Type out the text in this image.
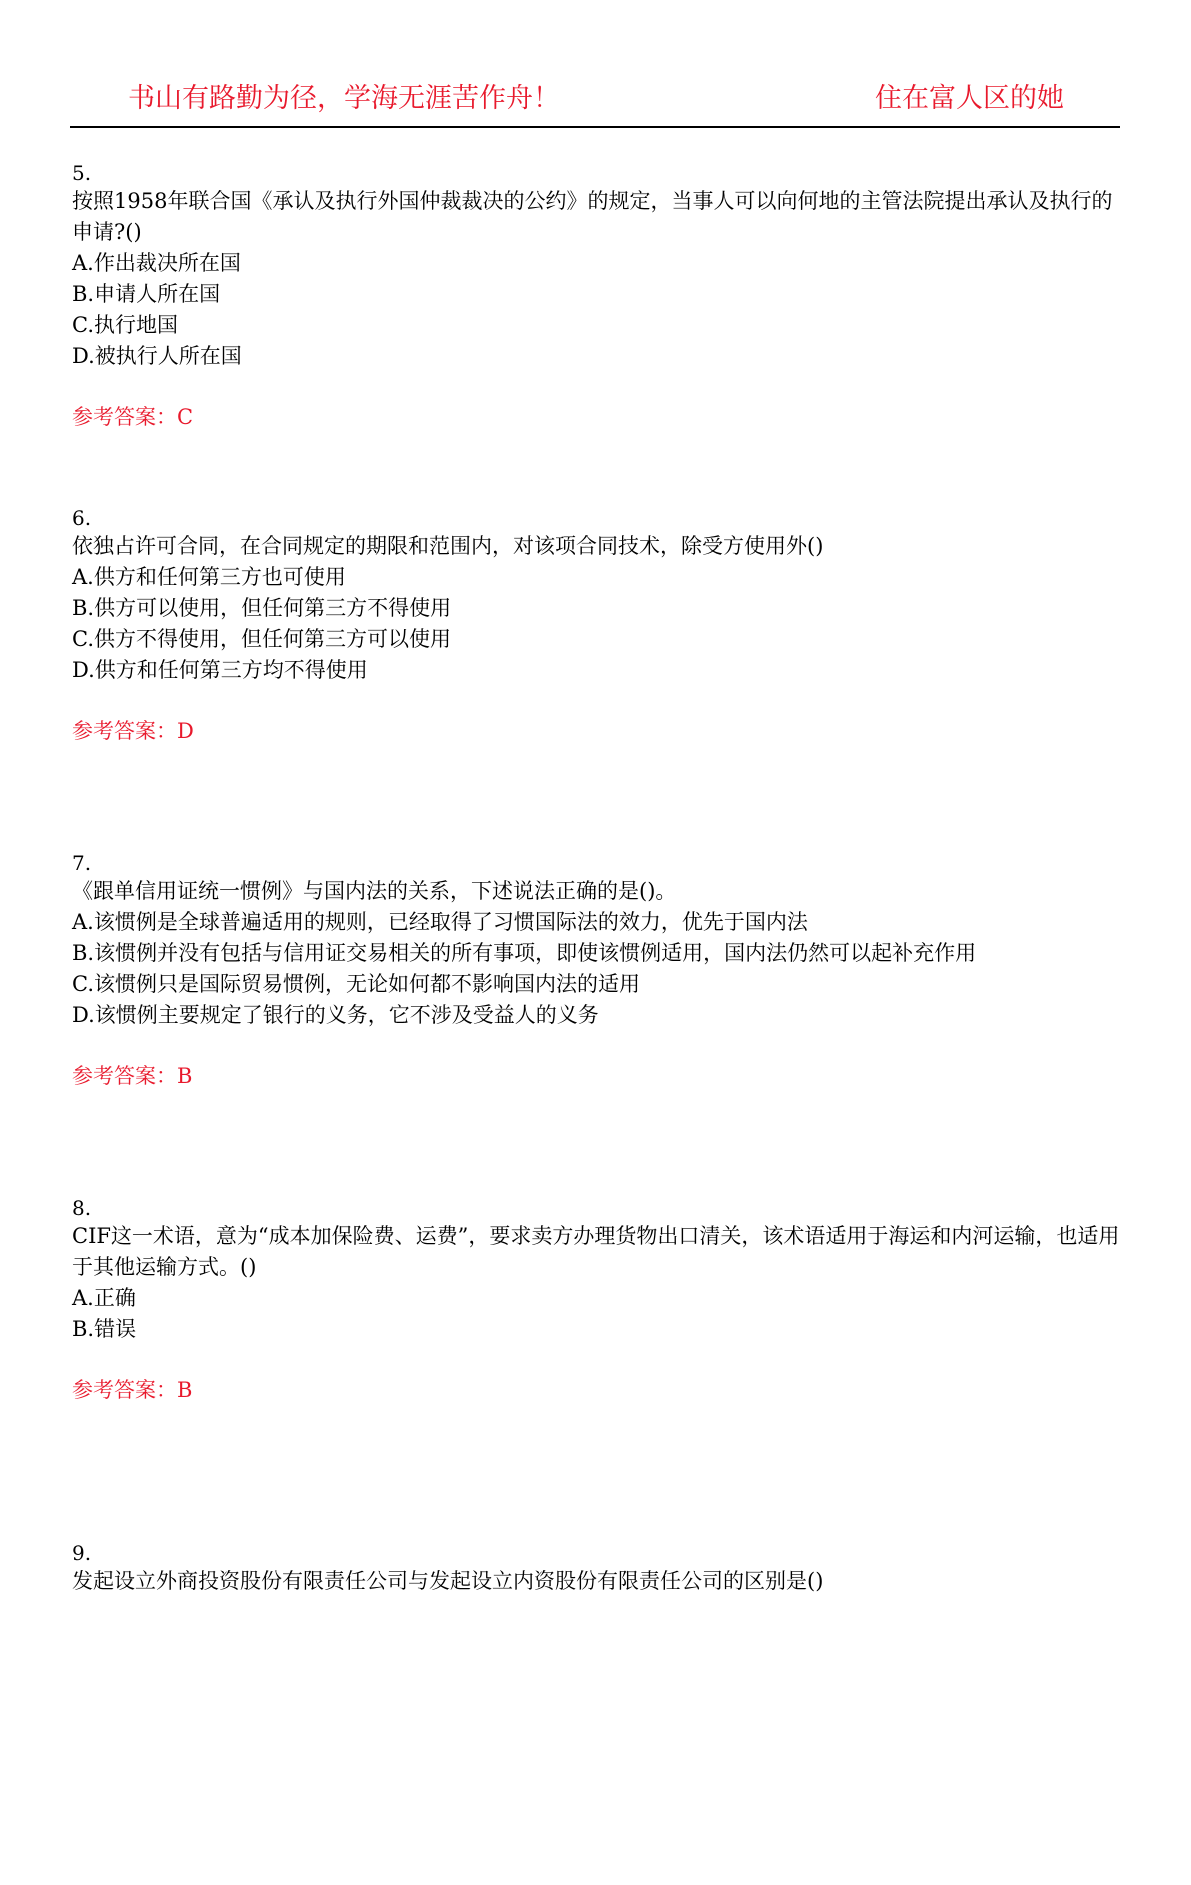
书山有路勤为径，学海无涯苦作舟！	住在富人区的她
5.
按照1958年联合国《承认及执行外国仲裁裁决的公约》的规定，当事人可以向何地的主管法院提出承认及执行的申请?()
A.作出裁决所在国
B.申请人所在国
C.执行地国
D.被执行人所在国
参考答案：C
6.
依独占许可合同，在合同规定的期限和范围内，对该项合同技术，除受方使用外()
A.供方和任何第三方也可使用
B.供方可以使用，但任何第三方不得使用
C.供方不得使用，但任何第三方可以使用
D.供方和任何第三方均不得使用
参考答案：D
7.
《跟单信用证统一惯例》与国内法的关系，下述说法正确的是()。
A.该惯例是全球普遍适用的规则，已经取得了习惯国际法的效力，优先于国内法
B.该惯例并没有包括与信用证交易相关的所有事项，即使该惯例适用，国内法仍然可以起补充作用
C.该惯例只是国际贸易惯例，无论如何都不影响国内法的适用
D.该惯例主要规定了银行的义务，它不涉及受益人的义务
参考答案：B
8.
CIF这一术语，意为“成本加保险费、运费”，要求卖方办理货物出口清关，该术语适用于海运和内河运输，也适用于其他运输方式。()
A.正确
B.错误
参考答案：B
9.
发起设立外商投资股份有限责任公司与发起设立内资股份有限责任公司的区别是()
